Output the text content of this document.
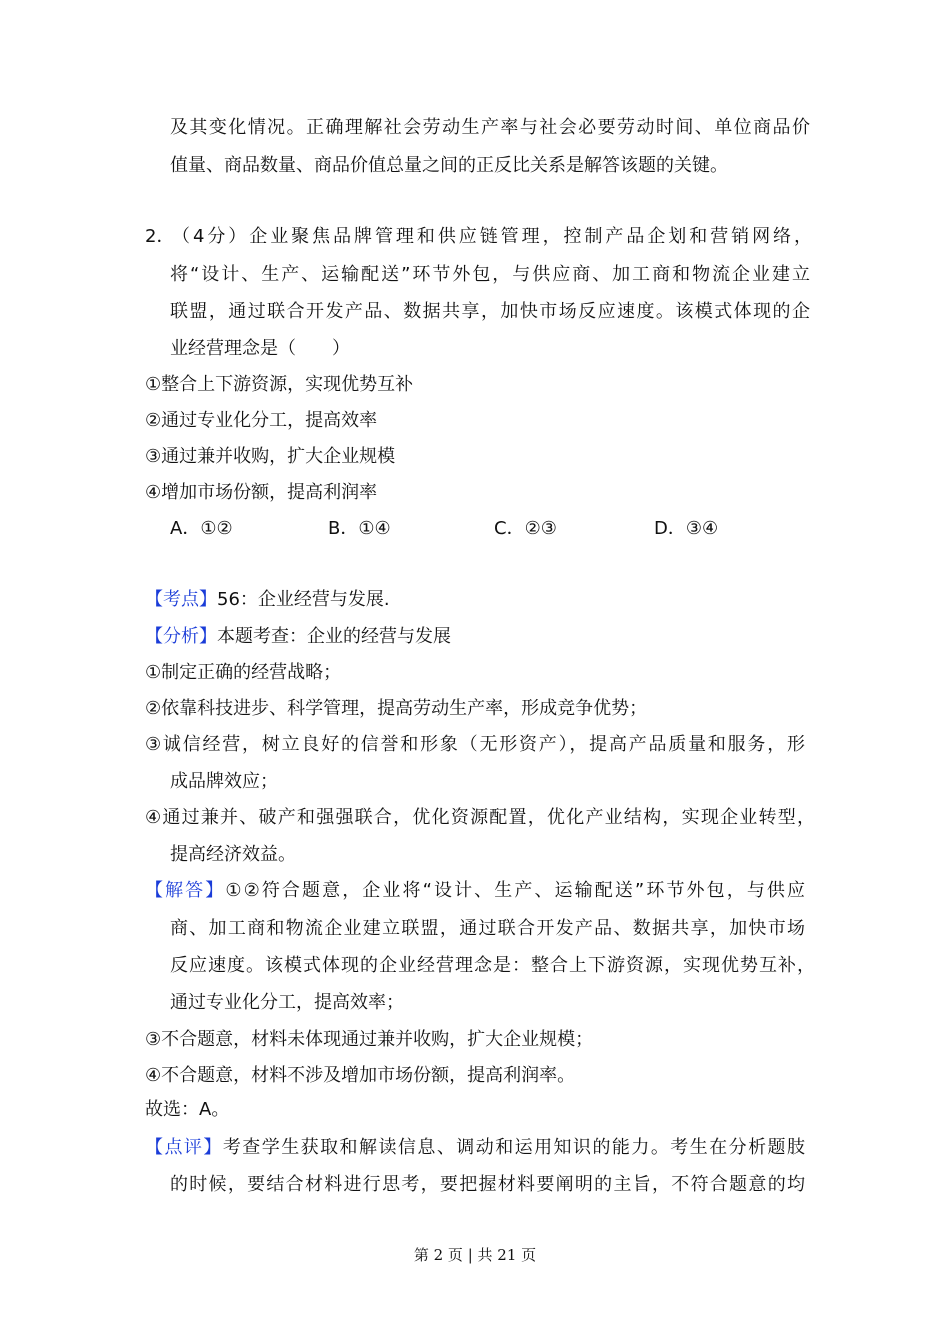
及其变化情况。正确理解社会劳动生产率与社会必要劳动时间、单位商品价
值量、商品数量、商品价值总量之间的正反比关系是解答该题的关键。
2．
（4分）企业聚焦品牌管理和供应链管理，控制产品企划和营销网络，
将“设计、生产、运输配送”环节外包，与供应商、加工商和物流企业建立
联盟，通过联合开发产品、数据共享，加快市场反应速度。该模式体现的企
业经营理念是（　　）
①整合上下游资源，实现优势互补
②通过专业化分工，提高效率
③通过兼并收购，扩大企业规模
④增加市场份额，提高利润率
A．①②	B．①④	C．②③	D．③④
【考点】56：企业经营与发展.
【分析】本题考查：企业的经营与发展
①制定正确的经营战略；
②依靠科技进步、科学管理，提高劳动生产率，形成竞争优势；
③诚信经营，树立良好的信誉和形象（无形资产），提高产品质量和服务，形
成品牌效应；
④通过兼并、破产和强强联合，优化资源配置，优化产业结构，实现企业转型，
提高经济效益。
【解答】①②符合题意，企业将“设计、生产、运输配送”环节外包，与供应
商、加工商和物流企业建立联盟，通过联合开发产品、数据共享，加快市场
反应速度。该模式体现的企业经营理念是：整合上下游资源，实现优势互补，
通过专业化分工，提高效率；
③不合题意，材料未体现通过兼并收购，扩大企业规模；
④不合题意，材料不涉及增加市场份额，提高利润率。
故选：A。
【点评】考查学生获取和解读信息、调动和运用知识的能力。考生在分析题肢
的时候，要结合材料进行思考，要把握材料要阐明的主旨，不符合题意的均
第 2 页 | 共 21 页
